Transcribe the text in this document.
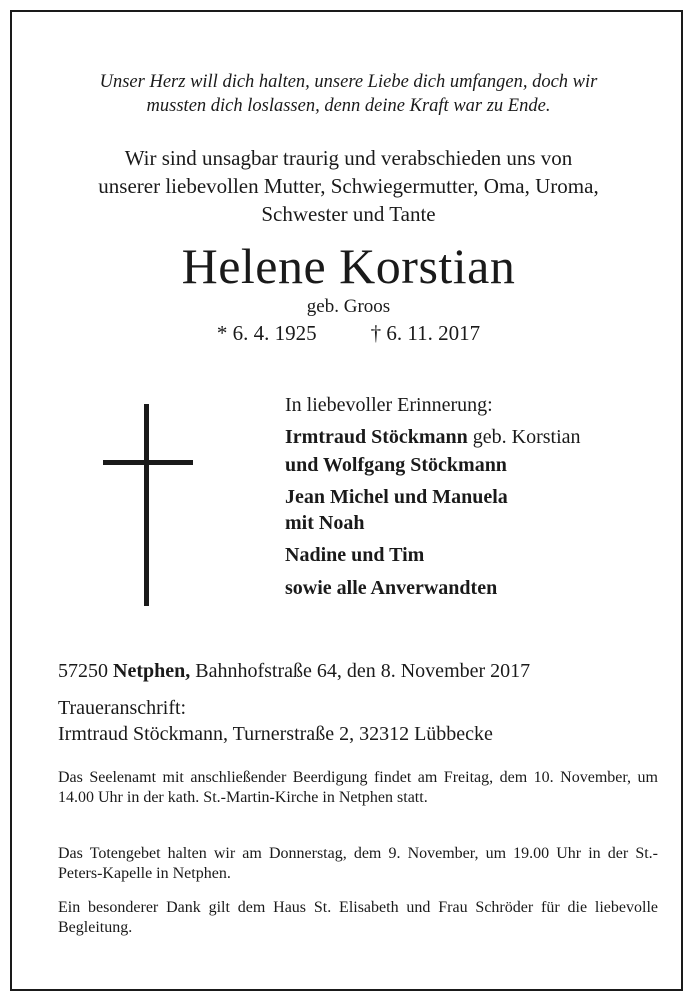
Unser Herz will dich halten, unsere Liebe dich umfangen, doch wir
mussten dich loslassen, denn deine Kraft war zu Ende.
Wir sind unsagbar traurig und verabschieden uns von
unserer liebevollen Mutter, Schwiegermutter, Oma, Uroma,
Schwester und Tante
Helene Korstian
geb. Groos
* 6. 4. 1925	† 6. 11. 2017
In liebevoller Erinnerung:
Irmtraud Stöckmann geb. Korstian
und Wolfgang Stöckmann
Jean Michel und Manuela
mit Noah
Nadine und Tim
sowie alle Anverwandten
57250 Netphen, Bahnhofstraße 64, den 8. November 2017
Traueranschrift:
Irmtraud Stöckmann, Turnerstraße 2, 32312 Lübbecke
Das Seelenamt mit anschließender Beerdigung findet am Freitag, dem 10. November, um 14.00 Uhr in der kath. St.-Martin-Kirche in Netphen statt.
Das Totengebet halten wir am Donnerstag, dem 9. November, um 19.00 Uhr in der St.-Peters-Kapelle in Netphen.
Ein besonderer Dank gilt dem Haus St. Elisabeth und Frau Schröder für die liebevolle Begleitung.
